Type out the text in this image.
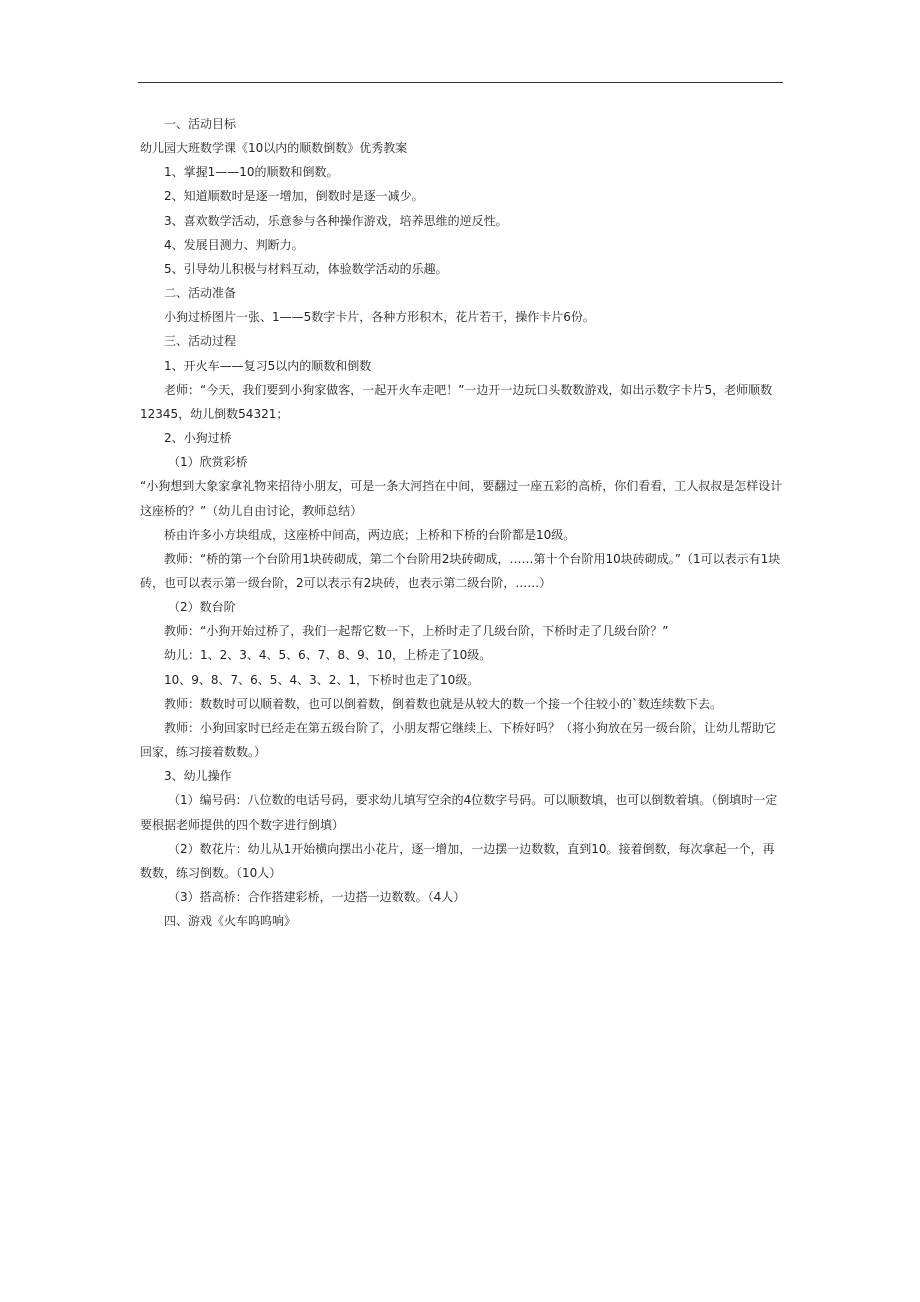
一、活动目标

幼儿园大班数学课《10以内的顺数倒数》优秀教案

1、掌握1——10的顺数和倒数。

2、知道顺数时是逐一增加，倒数时是逐一减少。

3、喜欢数学活动，乐意参与各种操作游戏，培养思维的逆反性。

4、发展目测力、判断力。

5、引导幼儿积极与材料互动，体验数学活动的乐趣。

二、活动准备

小狗过桥图片一张、1——5数字卡片，各种方形积木，花片若干，操作卡片6份。

三、活动过程

1、开火车——复习5以内的顺数和倒数

老师：“今天，我们要到小狗家做客，一起开火车走吧！”一边开一边玩口头数数游戏，如出示数字卡片5，老师顺数12345，幼儿倒数54321；

2、小狗过桥

（1）欣赏彩桥

“小狗想到大象家拿礼物来招待小朋友，可是一条大河挡在中间，要翻过一座五彩的高桥，你们看看，工人叔叔是怎样设计这座桥的？”（幼儿自由讨论，教师总结）

桥由许多小方块组成，这座桥中间高，两边底；上桥和下桥的台阶都是10级。

教师：“桥的第一个台阶用1块砖砌成，第二个台阶用2块砖砌成，……第十个台阶用10块砖砌成。”（1可以表示有1块砖，也可以表示第一级台阶，2可以表示有2块砖，也表示第二级台阶，……）

（2）数台阶

教师：“小狗开始过桥了，我们一起帮它数一下，上桥时走了几级台阶，下桥时走了几级台阶？”

幼儿：1、2、3、4、5、6、7、8、9、10，上桥走了10级。

10、9、8、7、6、5、4、3、2、1，下桥时也走了10级。

教师：数数时可以顺着数，也可以倒着数，倒着数也就是从较大的数一个接一个往较小的`数连续数下去。

教师：小狗回家时已经走在第五级台阶了，小朋友帮它继续上、下桥好吗？（将小狗放在另一级台阶，让幼儿帮助它回家，练习接着数数。）

3、幼儿操作

（1）编号码：八位数的电话号码，要求幼儿填写空余的4位数字号码。可以顺数填，也可以倒数着填。（倒填时一定要根据老师提供的四个数字进行倒填）

（2）数花片：幼儿从1开始横向摆出小花片，逐一增加，一边摆一边数数，直到10。接着倒数，每次拿起一个，再数数，练习倒数。（10人）

（3）搭高桥：合作搭建彩桥，一边搭一边数数。（4人）

四、游戏《火车呜呜响》
